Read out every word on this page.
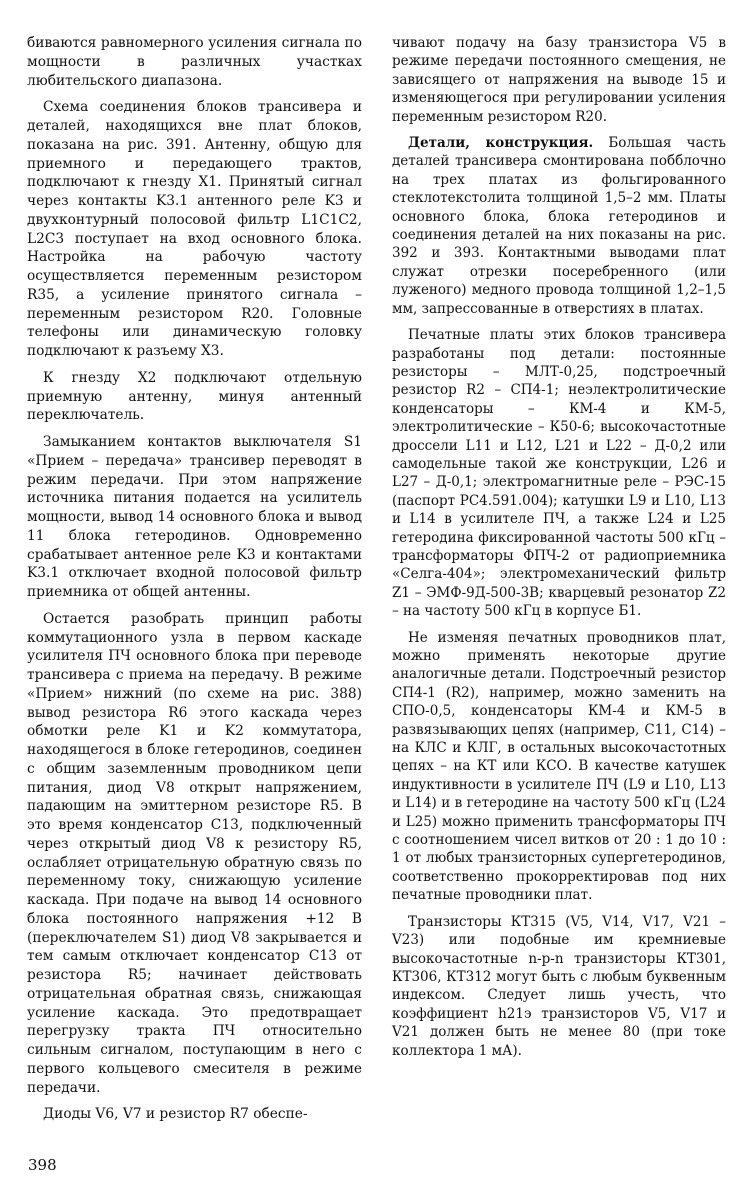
биваются равномерного усиления сигнала по мощности в различных участках любительского диапазона.

Схема соединения блоков трансивера и деталей, находящихся вне плат блоков, показана на рис. 391. Антенну, общую для приемного и передающего трактов, подключают к гнезду X1. Принятый сигнал через контакты K3.1 антенного реле K3 и двухконтурный полосовой фильтр L1C1C2, L2C3 поступает на вход основного блока. Настройка на рабочую частоту осуществляется переменным резистором R35, а усиление принятого сигнала – переменным резистором R20. Головные телефоны или динамическую головку подключают к разъему X3.

К гнезду X2 подключают отдельную приемную антенну, минуя антенный переключатель.

Замыканием контактов выключателя S1 «Прием – передача» трансивер переводят в режим передачи. При этом напряжение источника питания подается на усилитель мощности, вывод 14 основного блока и вывод 11 блока гетеродинов. Одновременно срабатывает антенное реле K3 и контактами K3.1 отключает входной полосовой фильтр приемника от общей антенны.

Остается разобрать принцип работы коммутационного узла в первом каскаде усилителя ПЧ основного блока при переводе трансивера с приема на передачу. В режиме «Прием» нижний (по схеме на рис. 388) вывод резистора R6 этого каскада через обмотки реле K1 и K2 коммутатора, находящегося в блоке гетеродинов, соединен с общим заземленным проводником цепи питания, диод V8 открыт напряжением, падающим на эмиттерном резисторе R5. В это время конденсатор C13, подключенный через открытый диод V8 к резистору R5, ослабляет отрицательную обратную связь по переменному току, снижающую усиление каскада. При подаче на вывод 14 основного блока постоянного напряжения +12 В (переключателем S1) диод V8 закрывается и тем самым отключает конденсатор C13 от резистора R5; начинает действовать отрицательная обратная связь, снижающая усиление каскада. Это предотвращает перегрузку тракта ПЧ относительно сильным сигналом, поступающим в него с первого кольцевого смесителя в режиме передачи.

Диоды V6, V7 и резистор R7 обеспе-

чивают подачу на базу транзистора V5 в режиме передачи постоянного смещения, не зависящего от напряжения на выводе 15 и изменяющегося при регулировании усиления переменным резистором R20.

Детали, конструкция. Большая часть деталей трансивера смонтирована побблочно на трех платах из фольгированного стеклотекстолита толщиной 1,5–2 мм. Платы основного блока, блока гетеродинов и соединения деталей на них показаны на рис. 392 и 393. Контактными выводами плат служат отрезки посеребренного (или луженого) медного провода толщиной 1,2–1,5 мм, запрессованные в отверстиях в платах.

Печатные платы этих блоков трансивера разработаны под детали: постоянные резисторы – МЛТ-0,25, подстроечный резистор R2 – СП4-1; неэлектролитические конденсаторы – КМ-4 и КМ-5, электролитические – К50-6; высокочастотные дроссели L11 и L12, L21 и L22 – Д-0,2 или самодельные такой же конструкции, L26 и L27 – Д-0,1; электромагнитные реле – РЭС-15 (паспорт РС4.591.004); катушки L9 и L10, L13 и L14 в усилителе ПЧ, а также L24 и L25 гетеродина фиксированной частоты 500 кГц – трансформаторы ФПЧ-2 от радиоприемника «Селга-404»; электромеханический фильтр Z1 – ЭМФ-9Д-500-3В; кварцевый резонатор Z2 – на частоту 500 кГц в корпусе Б1.

Не изменяя печатных проводников плат, можно применять некоторые другие аналогичные детали. Подстроечный резистор СП4-1 (R2), например, можно заменить на СПО-0,5, конденсаторы КМ-4 и КМ-5 в развязывающих цепях (например, C11, C14) – на КЛС и КЛГ, в остальных высокочастотных цепях – на КТ или КСО. В качестве катушек индуктивности в усилителе ПЧ (L9 и L10, L13 и L14) и в гетеродине на частоту 500 кГц (L24 и L25) можно применить трансформаторы ПЧ с соотношением чисел витков от 20 : 1 до 10 : 1 от любых транзисторных супергетеродинов, соответственно прокорректировав под них печатные проводники плат.

Транзисторы КТ315 (V5, V14, V17, V21 – V23) или подобные им кремниевые высокочастотные n-p-n транзисторы КТ301, КТ306, КТ312 могут быть с любым буквенным индексом. Следует лишь учесть, что коэффициент h21э транзисторов V5, V17 и V21 должен быть не менее 80 (при токе коллектора 1 мА).

398
